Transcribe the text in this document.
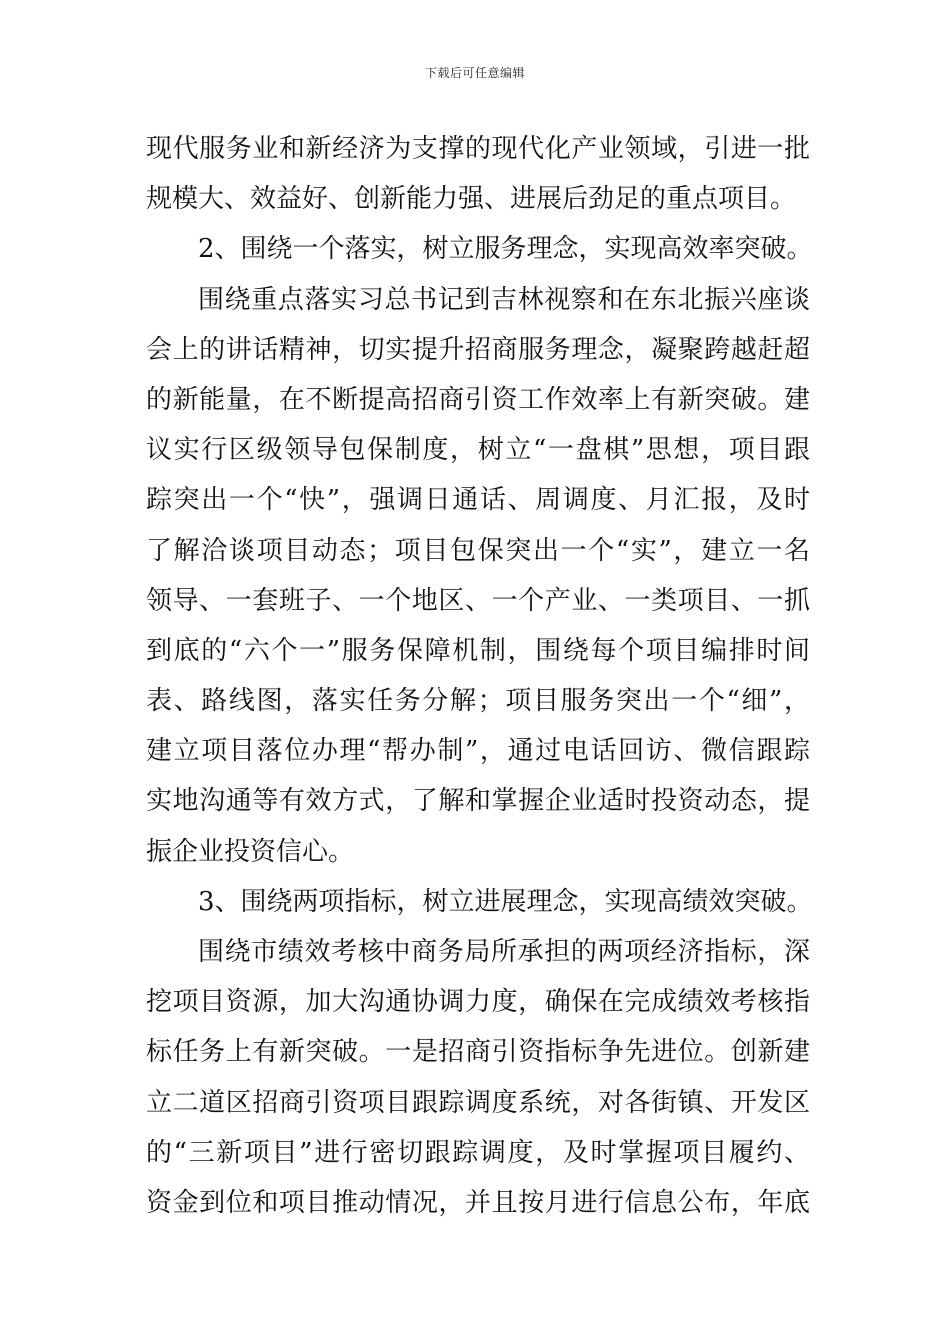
下载后可任意编辑
现代服务业和新经济为支撑的现代化产业领域，引进一批
规模大、效益好、创新能力强、进展后劲足的重点项目。
2、围绕一个落实，树立服务理念，实现高效率突破。
围绕重点落实习总书记到吉林视察和在东北振兴座谈
会上的讲话精神，切实提升招商服务理念，凝聚跨越赶超
的新能量，在不断提高招商引资工作效率上有新突破。建
议实行区级领导包保制度，树立“一盘棋”思想，项目跟
踪突出一个“快”，强调日通话、周调度、月汇报，及时
了解洽谈项目动态；项目包保突出一个“实”，建立一名
领导、一套班子、一个地区、一个产业、一类项目、一抓
到底的“六个一”服务保障机制，围绕每个项目编排时间
表、路线图，落实任务分解；项目服务突出一个“细”，
建立项目落位办理“帮办制”，通过电话回访、微信跟踪
实地沟通等有效方式，了解和掌握企业适时投资动态，提
振企业投资信心。
3、围绕两项指标，树立进展理念，实现高绩效突破。
围绕市绩效考核中商务局所承担的两项经济指标，深
挖项目资源，加大沟通协调力度，确保在完成绩效考核指
标任务上有新突破。一是招商引资指标争先进位。创新建
立二道区招商引资项目跟踪调度系统，对各街镇、开发区
的“三新项目”进行密切跟踪调度，及时掌握项目履约、
资金到位和项目推动情况，并且按月进行信息公布，年底
